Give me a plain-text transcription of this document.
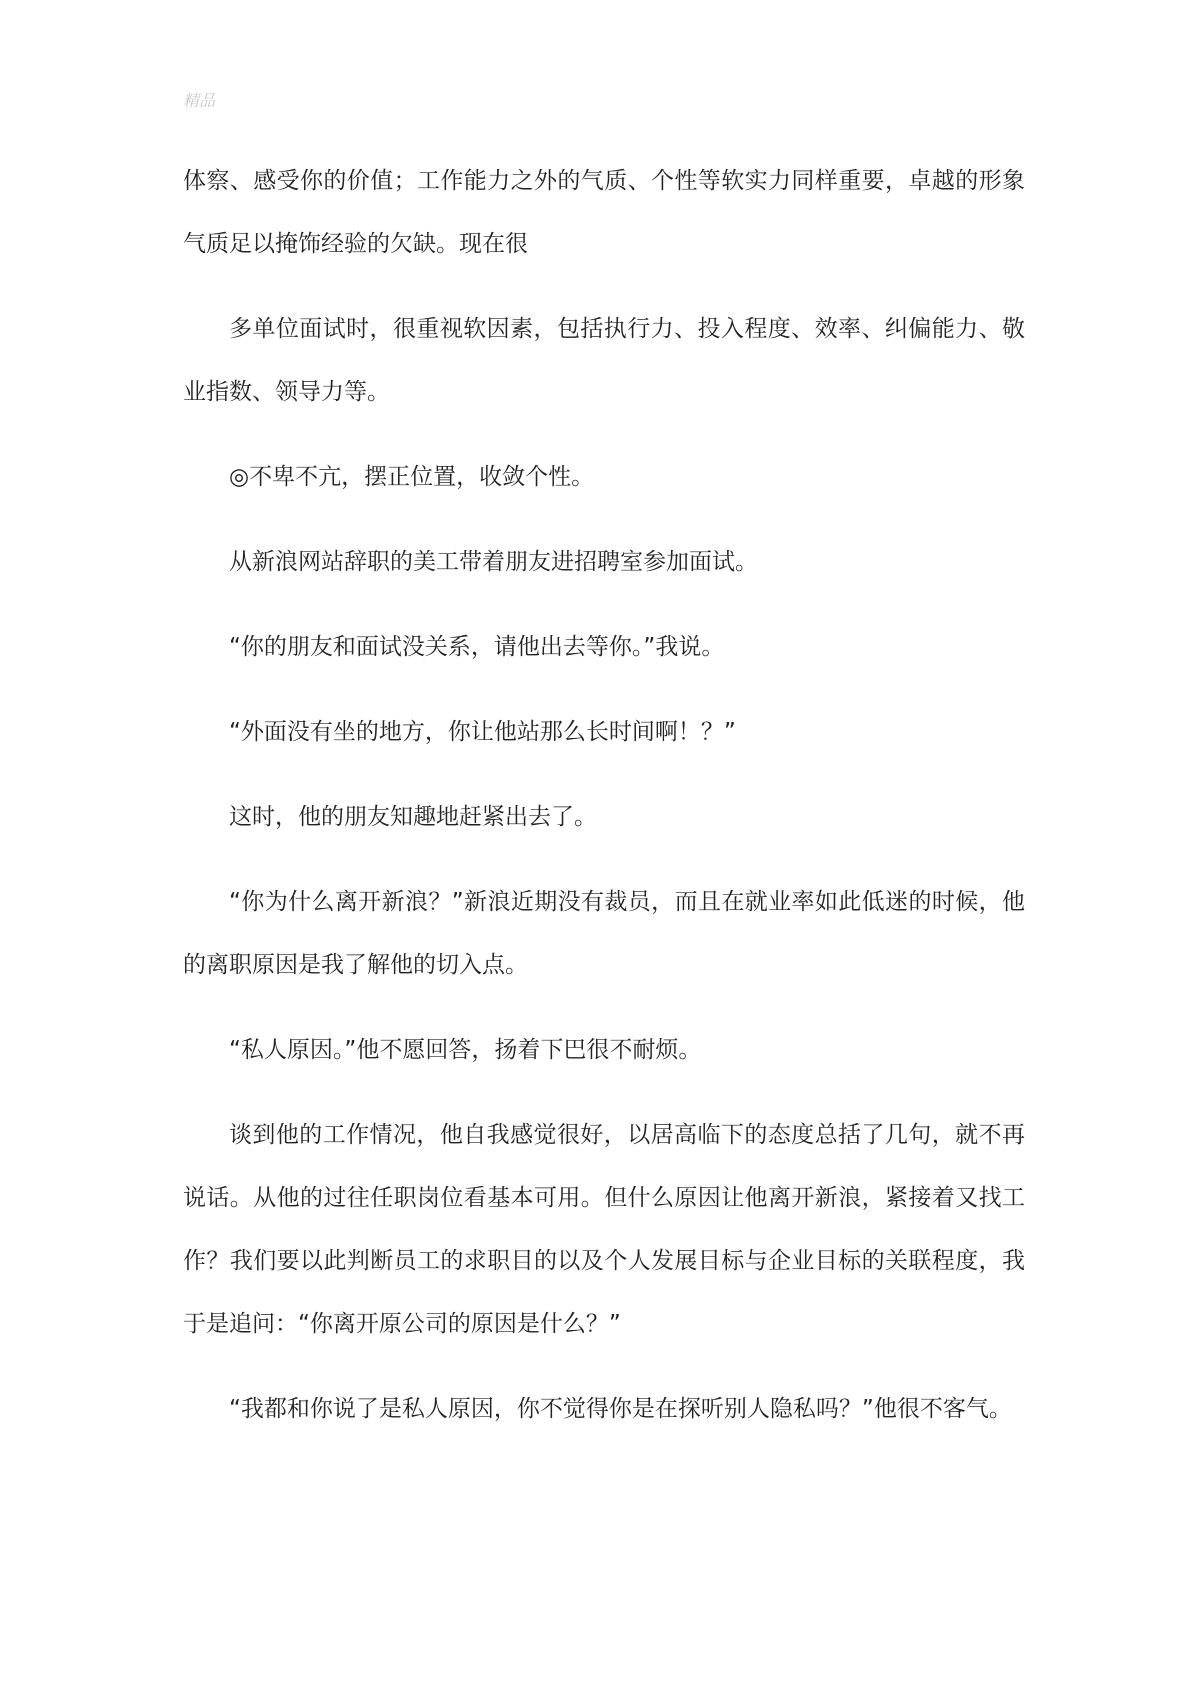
精品

体察、感受你的价值；工作能力之外的气质、个性等软实力同样重要，卓越的形象气质足以掩饰经验的欠缺。现在很

多单位面试时，很重视软因素，包括执行力、投入程度、效率、纠偏能力、敬业指数、领导力等。

◎不卑不亢，摆正位置，收敛个性。

从新浪网站辞职的美工带着朋友进招聘室参加面试。

“你的朋友和面试没关系，请他出去等你。”我说。

“外面没有坐的地方，你让他站那么长时间啊！？”

这时，他的朋友知趣地赶紧出去了。

“你为什么离开新浪？”新浪近期没有裁员，而且在就业率如此低迷的时候，他的离职原因是我了解他的切入点。

“私人原因。”他不愿回答，扬着下巴很不耐烦。

谈到他的工作情况，他自我感觉很好，以居高临下的态度总括了几句，就不再说话。从他的过往任职岗位看基本可用。但什么原因让他离开新浪，紧接着又找工作？我们要以此判断员工的求职目的以及个人发展目标与企业目标的关联程度，我于是追问：“你离开原公司的原因是什么？”

“我都和你说了是私人原因，你不觉得你是在探听别人隐私吗？”他很不客气。
